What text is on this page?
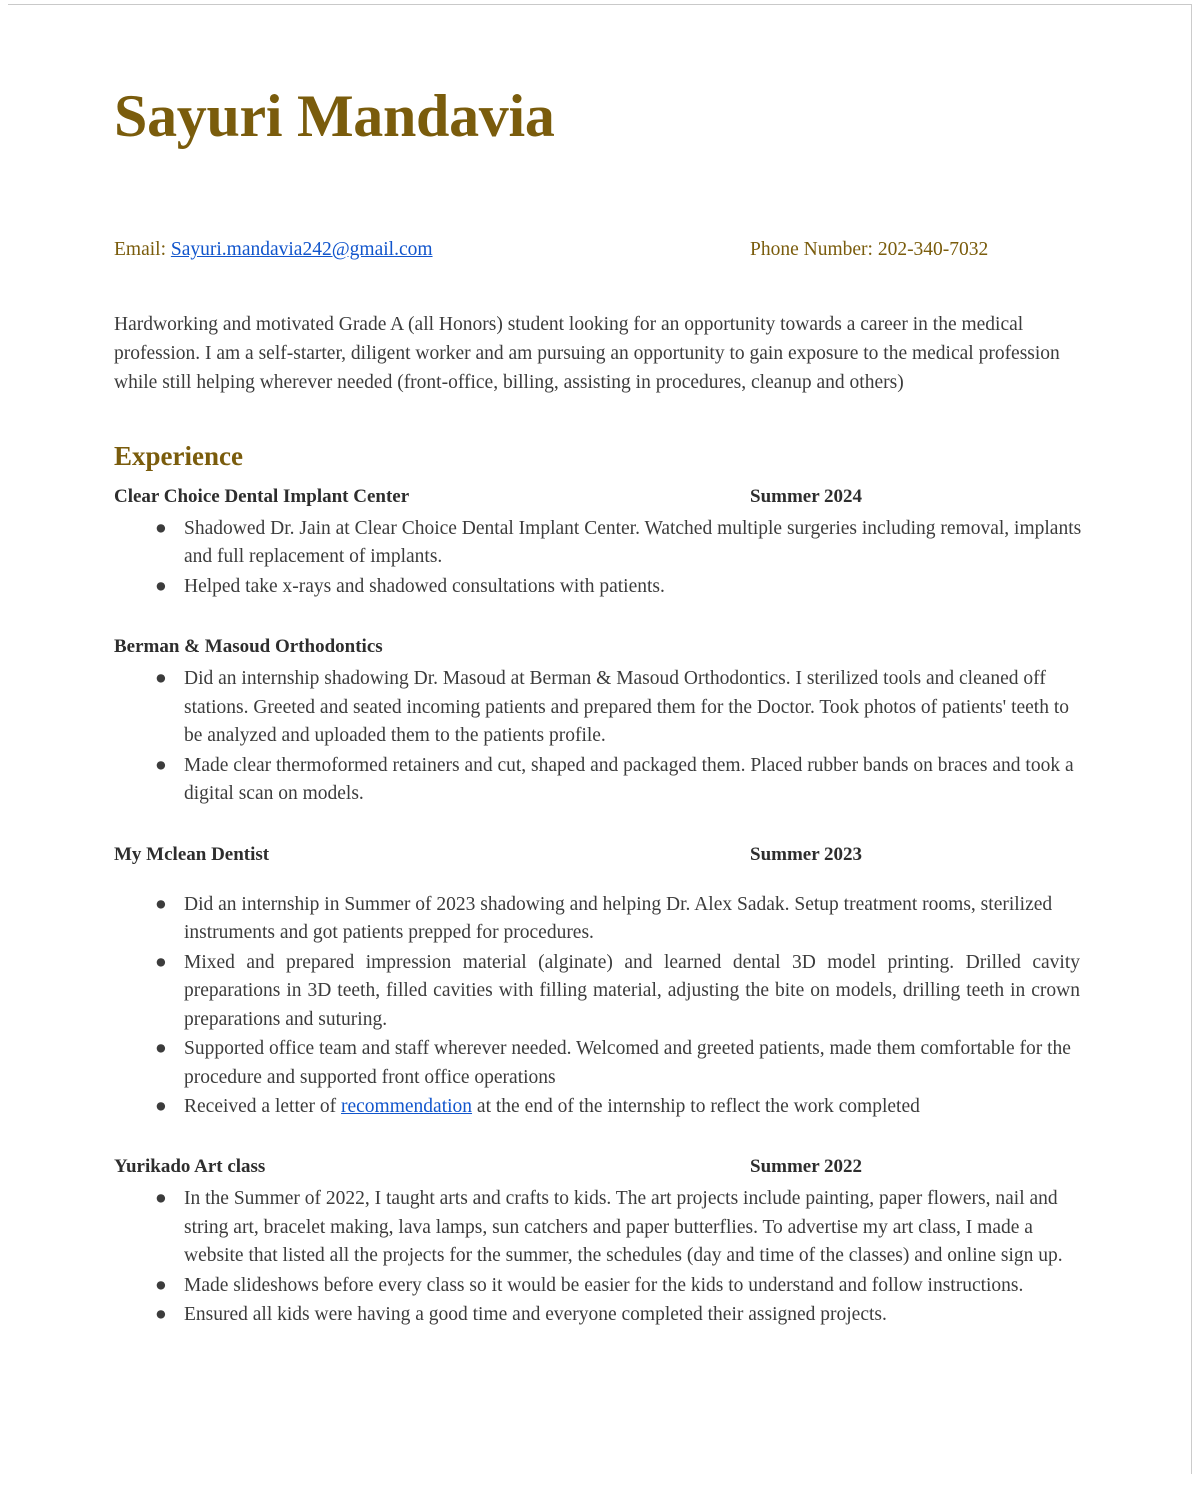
Sayuri Mandavia
Email: Sayuri.mandavia242@gmail.com	Phone Number: 202-340-7032
Hardworking and motivated Grade A (all Honors) student looking for an opportunity towards a career in the medical profession. I am a self-starter, diligent worker and am pursuing an opportunity to gain exposure to the medical profession while still helping wherever needed (front-office, billing, assisting in procedures, cleanup and others)
Experience
Clear Choice Dental Implant Center	Summer 2024
● Shadowed Dr. Jain at Clear Choice Dental Implant Center. Watched multiple surgeries including removal, implants and full replacement of implants.
● Helped take x-rays and shadowed consultations with patients.
Berman & Masoud Orthodontics
● Did an internship shadowing Dr. Masoud at Berman & Masoud Orthodontics. I sterilized tools and cleaned off stations. Greeted and seated incoming patients and prepared them for the Doctor. Took photos of patients' teeth to be analyzed and uploaded them to the patients profile.
● Made clear thermoformed retainers and cut, shaped and packaged them. Placed rubber bands on braces and took a digital scan on models.
My Mclean Dentist	Summer 2023
● Did an internship in Summer of 2023 shadowing and helping Dr. Alex Sadak. Setup treatment rooms, sterilized instruments and got patients prepped for procedures.
● Mixed and prepared impression material (alginate) and learned dental 3D model printing. Drilled cavity preparations in 3D teeth, filled cavities with filling material, adjusting the bite on models, drilling teeth in crown preparations and suturing.
● Supported office team and staff wherever needed. Welcomed and greeted patients, made them comfortable for the procedure and supported front office operations
● Received a letter of recommendation at the end of the internship to reflect the work completed
Yurikado Art class	Summer 2022
● In the Summer of 2022, I taught arts and crafts to kids. The art projects include painting, paper flowers, nail and string art, bracelet making, lava lamps, sun catchers and paper butterflies. To advertise my art class, I made a website that listed all the projects for the summer, the schedules (day and time of the classes) and online sign up.
● Made slideshows before every class so it would be easier for the kids to understand and follow instructions.
● Ensured all kids were having a good time and everyone completed their assigned projects.
